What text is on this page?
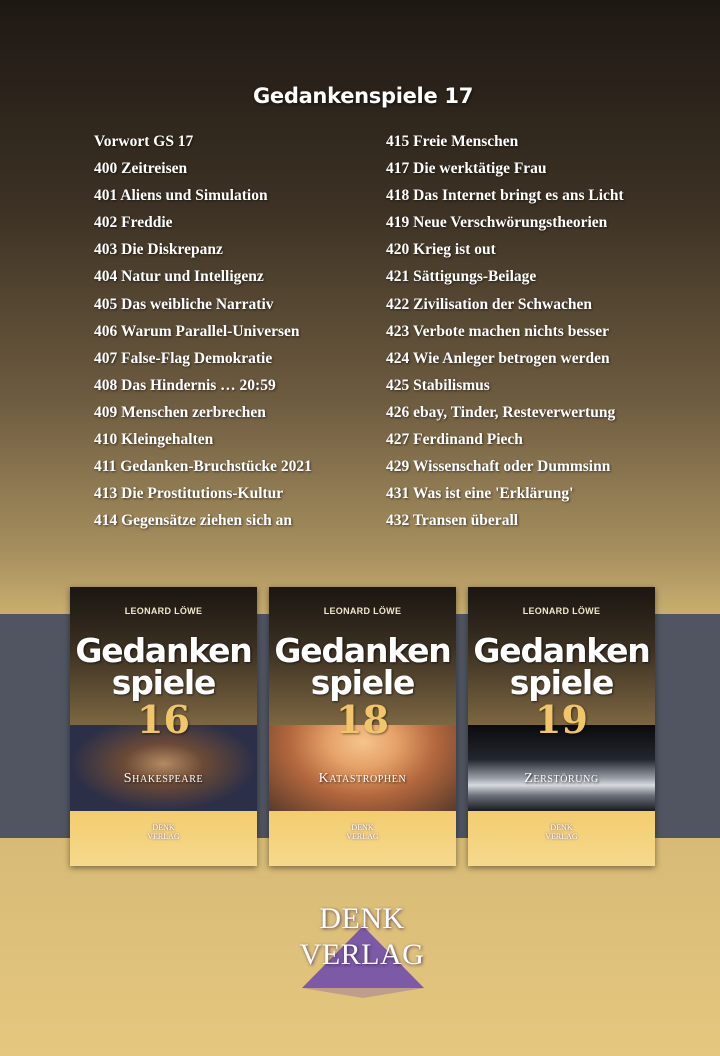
Gedankenspiele 17
Vorwort GS 17
400 Zeitreisen
401 Aliens und Simulation
402 Freddie
403 Die Diskrepanz
404 Natur und Intelligenz
405 Das weibliche Narrativ
406 Warum Parallel-Universen
407 False-Flag Demokratie
408 Das Hindernis … 20:59
409 Menschen zerbrechen
410 Kleingehalten
411 Gedanken-Bruchstücke 2021
413 Die Prostitutions-Kultur
414 Gegensätze ziehen sich an
415 Freie Menschen
417 Die werktätige Frau
418 Das Internet bringt es ans Licht
419 Neue Verschwörungstheorien
420 Krieg ist out
421 Sättigungs-Beilage
422 Zivilisation der Schwachen
423 Verbote machen nichts besser
424 Wie Anleger betrogen werden
425 Stabilismus
426 ebay, Tinder, Resteverwertung
427 Ferdinand Piech
429 Wissenschaft oder Dummsinn
431 Was ist eine 'Erklärung'
432 Transen überall
LEONARD LÖWE
Gedanken
spiele
16
Shakespeare
DENK
VERLAG
LEONARD LÖWE
Gedanken
spiele
18
Katastrophen
DENK
VERLAG
LEONARD LÖWE
Gedanken
spiele
19
Zerstörung
DENK
VERLAG
DENK
VERLAG
